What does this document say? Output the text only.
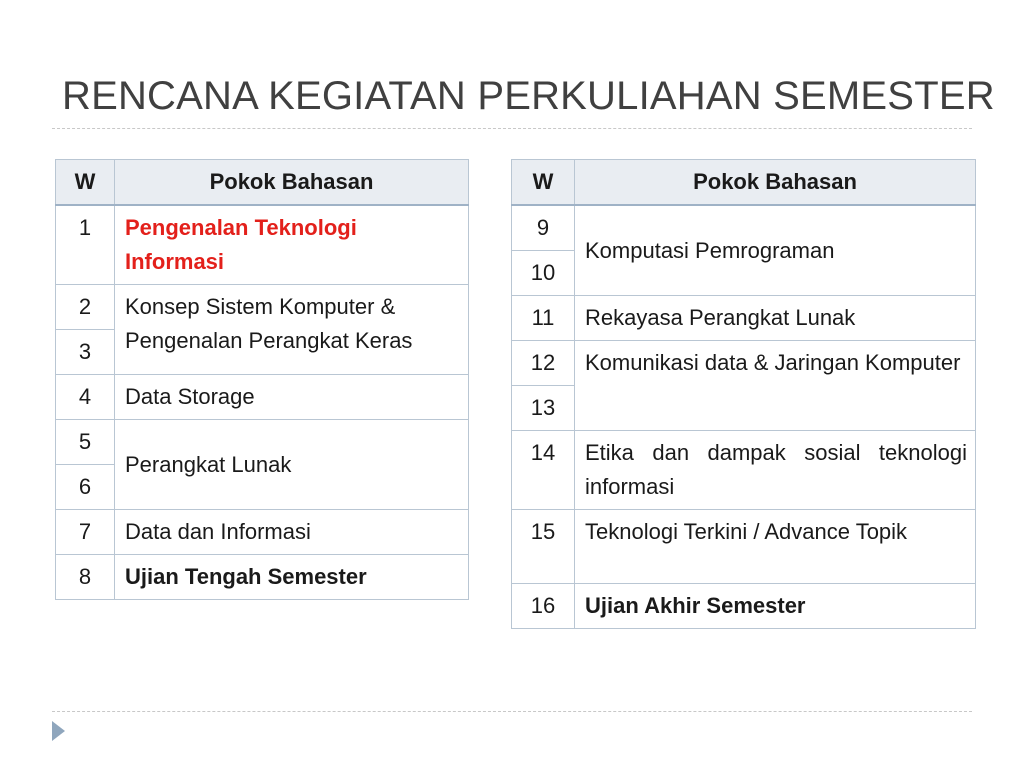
RENCANA KEGIATAN PERKULIAHAN SEMESTER
W	Pokok Bahasan
1	Pengenalan Teknologi Informasi
2	Konsep Sistem Komputer & Pengenalan Perangkat Keras
3	
4	Data Storage
5	Perangkat Lunak
6	
7	Data dan Informasi
8	Ujian Tengah Semester
W	Pokok Bahasan
9	Komputasi Pemrograman
10	
11	Rekayasa Perangkat Lunak
12	Komunikasi data & Jaringan Komputer
13	
14	Etika dan dampak sosial teknologi informasi
15	Teknologi Terkini / Advance Topik
16	Ujian Akhir Semester
